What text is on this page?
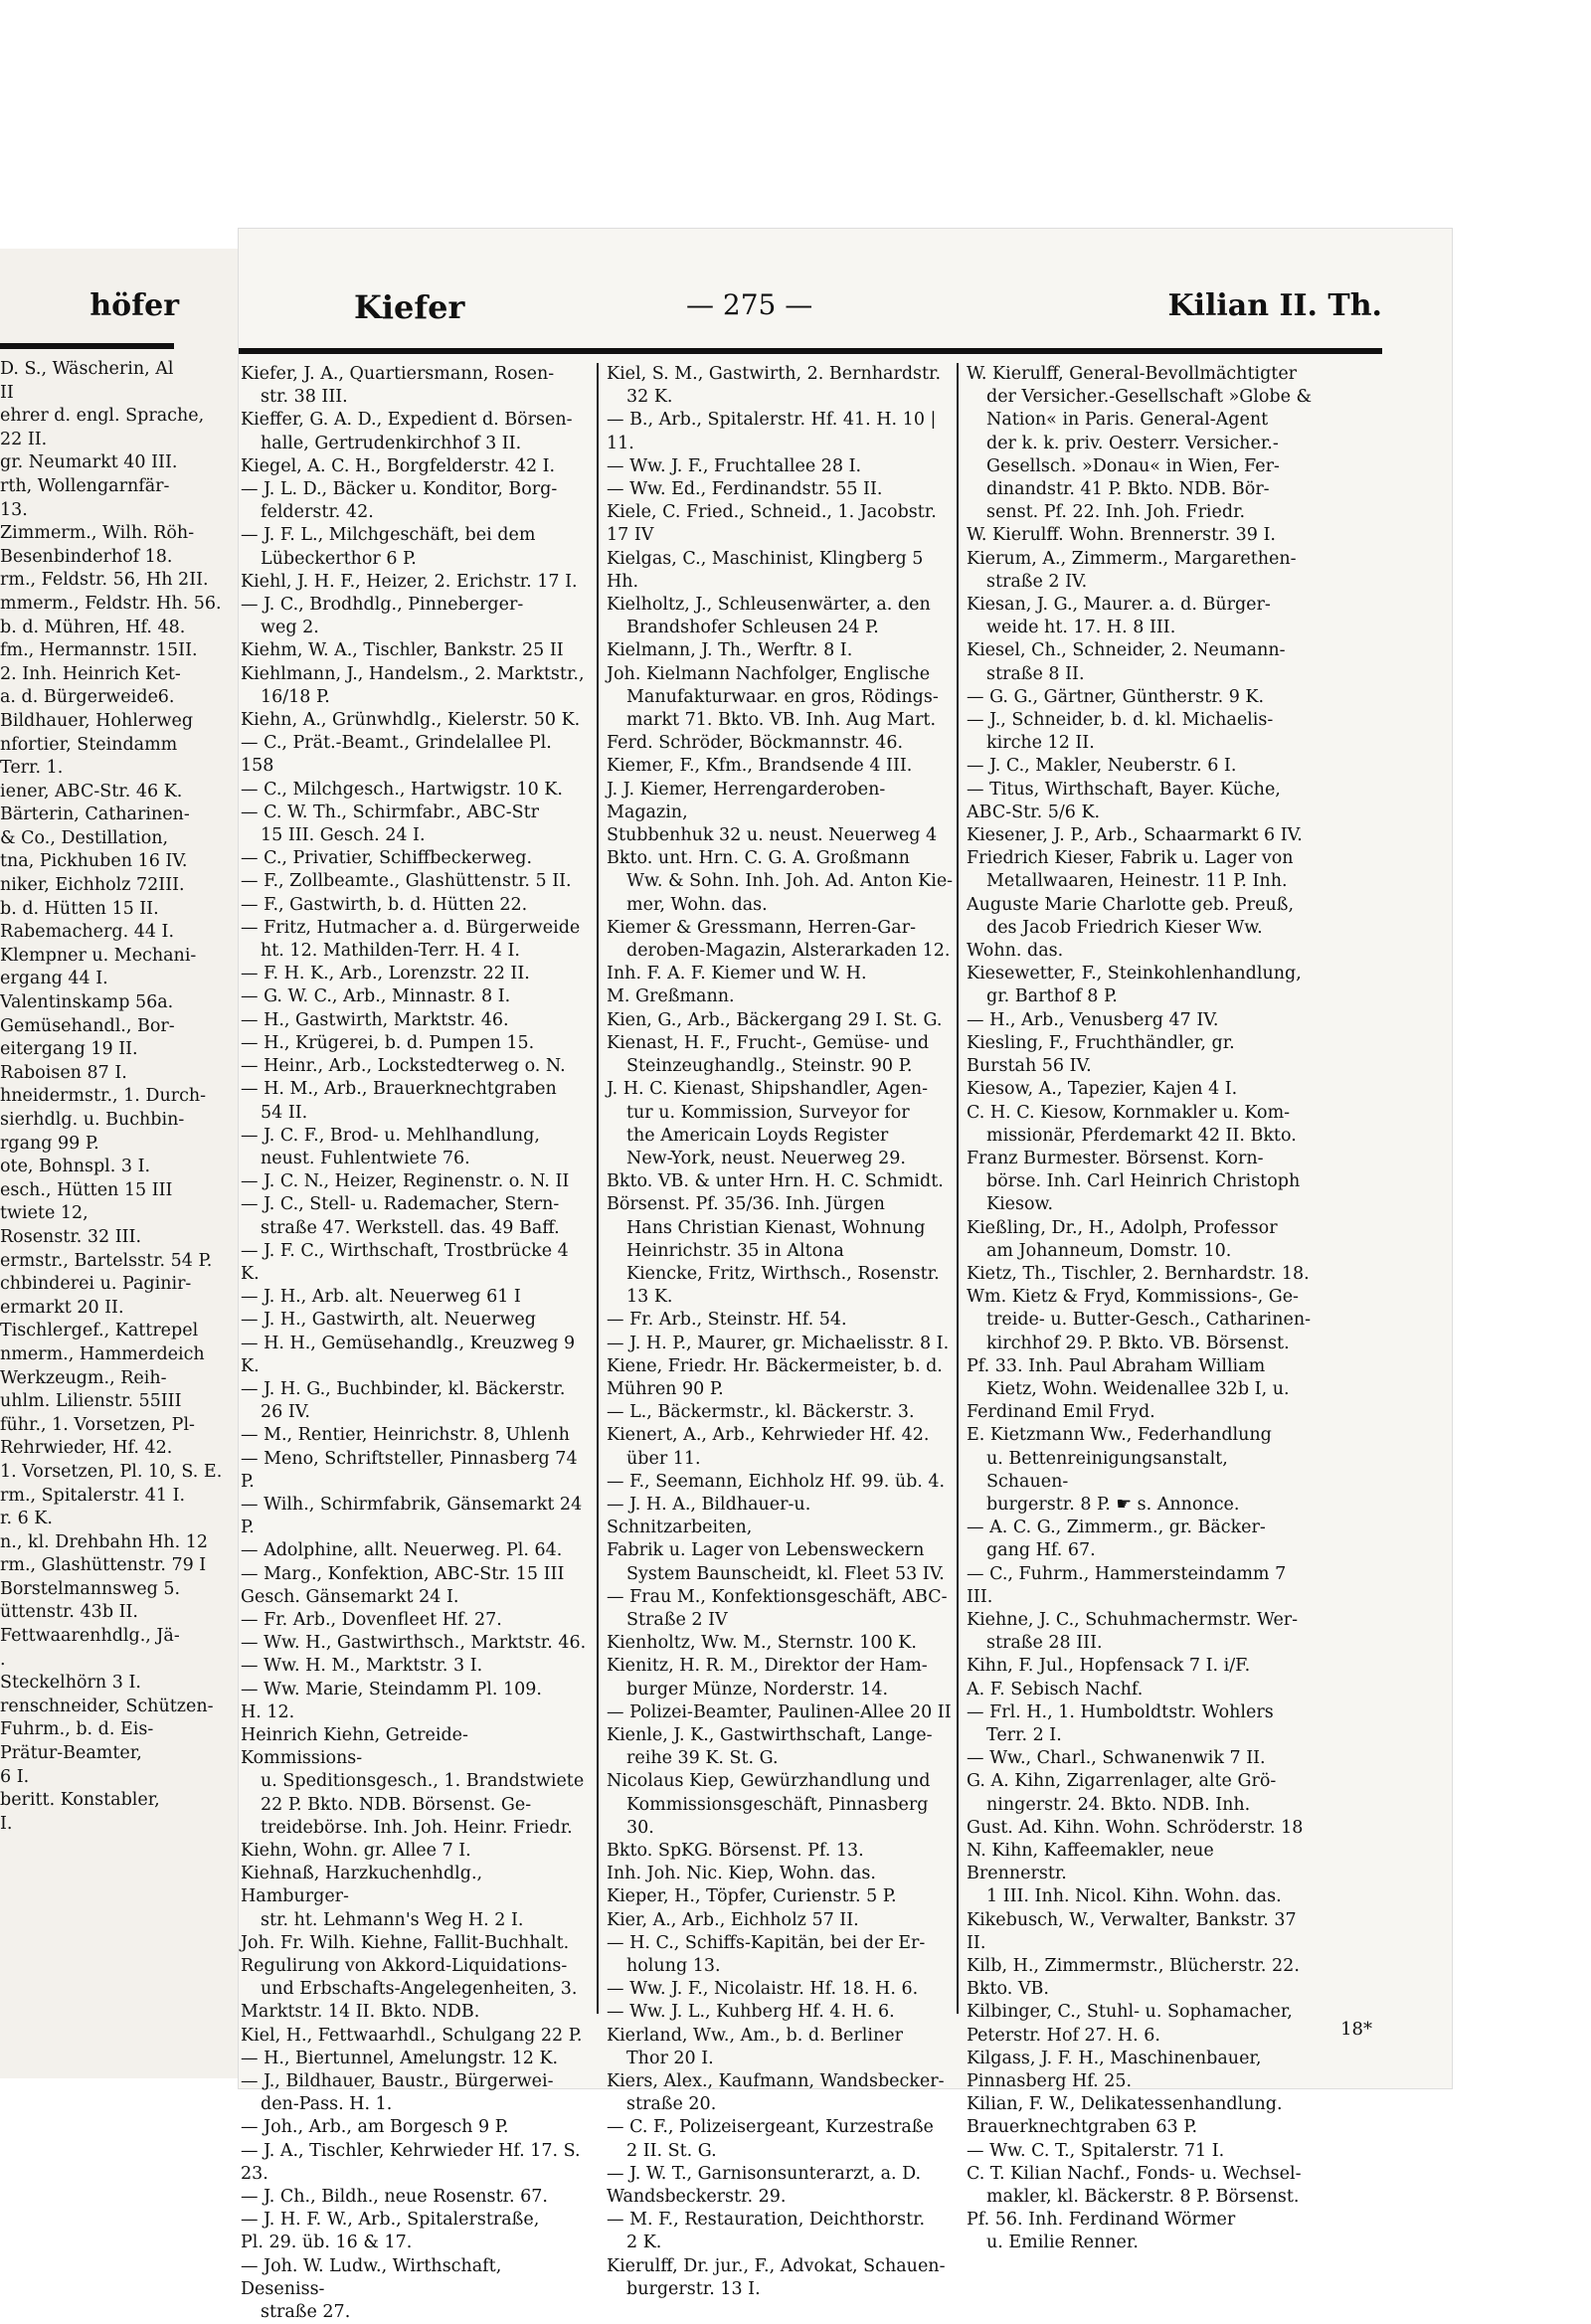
höfer
D. S., Wäscherin, Al
II
ehrer d. engl. Sprache,
22 II.
gr. Neumarkt 40 III.
rth, Wollengarnfär-
13.
Zimmerm., Wilh. Röh-
Besenbinderhof 18.
rm., Feldstr. 56, Hh 2II.
mmerm., Feldstr. Hh. 56.
b. d. Mühren, Hf. 48.
fm., Hermannstr. 15II.
2. Inh. Heinrich Ket-
a. d. Bürgerweide6.
Bildhauer, Hohlerweg
nfortier, Steindamm
Terr. 1.
iener, ABC-Str. 46 K.
Bärterin, Catharinen-
& Co., Destillation,
tna, Pickhuben 16 IV.
niker, Eichholz 72III.
b. d. Hütten 15 II.
Rabemacherg. 44 I.
Klempner u. Mechani-
ergang 44 I.
Valentinskamp 56a.
Gemüsehandl., Bor-
eitergang 19 II.
Raboisen 87 I.
hneidermstr., 1. Durch-
sierhdlg. u. Buchbin-
rgang 99 P.
ote, Bohnspl. 3 I.
esch., Hütten 15 III
twiete 12,
Rosenstr. 32 III.
ermstr., Bartelsstr. 54 P.
chbinderei u. Paginir-
ermarkt 20 II.
Tischlergef., Kattrepel
nmerm., Hammerdeich
Werkzeugm., Reih-
uhlm. Lilienstr. 55III
führ., 1. Vorsetzen, Pl-
Rehrwieder, Hf. 42.
1. Vorsetzen, Pl. 10, S. E.
rm., Spitalerstr. 41 I.
r. 6 K.
n., kl. Drehbahn Hh. 12
rm., Glashüttenstr. 79 I
Borstelmannsweg 5.
üttenstr. 43b II.
Fettwaarenhdlg., Jä-
.
Steckelhörn 3 I.
renschneider, Schützen-
Fuhrm., b. d. Eis-
Prätur-Beamter,
6 I.
beritt. Konstabler,
I.
Kiefer	— 275 —	Kilian II. Th.

Kiefer, J. A., Quartiersmann, Rosen-

str. 38 III.

Kieffer, G. A. D., Expedient d. Börsen-

halle, Gertrudenkirchhof 3 II.

Kiegel, A. C. H., Borgfelderstr. 42 I.

— J. L. D., Bäcker u. Konditor, Borg-

felderstr. 42.

— J. F. L., Milchgeschäft, bei dem

Lübeckerthor 6 P.

Kiehl, J. H. F., Heizer, 2. Erichstr. 17 I.

— J. C., Brodhdlg., Pinneberger-

weg 2.

Kiehm, W. A., Tischler, Bankstr. 25 II

Kiehlmann, J., Handelsm., 2. Marktstr.,

16/18 P.

Kiehn, A., Grünwhdlg., Kielerstr. 50 K.

— C., Prät.-Beamt., Grindelallee Pl. 158

— C., Milchgesch., Hartwigstr. 10 K.

— C. W. Th., Schirmfabr., ABC-Str

15 III. Gesch. 24 I.

— C., Privatier, Schiffbeckerweg.

— F., Zollbeamte., Glashüttenstr. 5 II.

— F., Gastwirth, b. d. Hütten 22.

— Fritz, Hutmacher a. d. Bürgerweide

ht. 12. Mathilden-Terr. H. 4 I.

— F. H. K., Arb., Lorenzstr. 22 II.

— G. W. C., Arb., Minnastr. 8 I.

— H., Gastwirth, Marktstr. 46.

— H., Krügerei, b. d. Pumpen 15.

— Heinr., Arb., Lockstedterweg o. N.

— H. M., Arb., Brauerknechtgraben

54 II.

— J. C. F., Brod- u. Mehlhandlung,

neust. Fuhlentwiete 76.

— J. C. N., Heizer, Reginenstr. o. N. II

— J. C., Stell- u. Rademacher, Stern-

straße 47. Werkstell. das. 49 Baff.

— J. F. C., Wirthschaft, Trostbrücke 4 K.

— J. H., Arb. alt. Neuerweg 61 I

— J. H., Gastwirth, alt. Neuerweg

— H. H., Gemüsehandlg., Kreuzweg 9 K.

— J. H. G., Buchbinder, kl. Bäckerstr.

26 IV.

— M., Rentier, Heinrichstr. 8, Uhlenh

— Meno, Schriftsteller, Pinnasberg 74 P.

— Wilh., Schirmfabrik, Gänsemarkt 24 P.

— Adolphine, allt. Neuerweg. Pl. 64.

— Marg., Konfektion, ABC-Str. 15 III

Gesch. Gänsemarkt 24 I.

— Fr. Arb., Dovenfleet Hf. 27.

— Ww. H., Gastwirthsch., Marktstr. 46.

— Ww. H. M., Marktstr. 3 I.

— Ww. Marie, Steindamm Pl. 109.

H. 12.

Heinrich Kiehn, Getreide-Kommissions-

u. Speditionsgesch., 1. Brandstwiete

22 P. Bkto. NDB. Börsenst. Ge-

treidebörse. Inh. Joh. Heinr. Friedr.

Kiehn, Wohn. gr. Allee 7 I.

Kiehnaß, Harzkuchenhdlg., Hamburger-

str. ht. Lehmann's Weg H. 2 I.

Joh. Fr. Wilh. Kiehne, Fallit-Buchhalt.

Regulirung von Akkord-Liquidations-

und Erbschafts-Angelegenheiten, 3.

Marktstr. 14 II. Bkto. NDB.

Kiel, H., Fettwaarhdl., Schulgang 22 P.

— H., Biertunnel, Amelungstr. 12 K.

— J., Bildhauer, Baustr., Bürgerwei-

den-Pass. H. 1.

— Joh., Arb., am Borgesch 9 P.

— J. A., Tischler, Kehrwieder Hf. 17. S. 23.

— J. Ch., Bildh., neue Rosenstr. 67.

— J. H. F. W., Arb., Spitalerstraße,

Pl. 29. üb. 16 & 17.

— Joh. W. Ludw., Wirthschaft, Deseniss-

straße 27.

Kiel, S. M., Gastwirth, 2. Bernhardstr.

32 K.

— B., Arb., Spitalerstr. Hf. 41. H. 10 | 11.

— Ww. J. F., Fruchtallee 28 I.

— Ww. Ed., Ferdinandstr. 55 II.

Kiele, C. Fried., Schneid., 1. Jacobstr. 17 IV

Kielgas, C., Maschinist, Klingberg 5 Hh.

Kielholtz, J., Schleusenwärter, a. den

Brandshofer Schleusen 24 P.

Kielmann, J. Th., Werftr. 8 I.

Joh. Kielmann Nachfolger, Englische

Manufakturwaar. en gros, Rödings-

markt 71. Bkto. VB. Inh. Aug Mart.

Ferd. Schröder, Böckmannstr. 46.

Kiemer, F., Kfm., Brandsende 4 III.

J. J. Kiemer, Herrengarderoben-Magazin,

Stubbenhuk 32 u. neust. Neuerweg 4

Bkto. unt. Hrn. C. G. A. Großmann

Ww. & Sohn. Inh. Joh. Ad. Anton Kie-

mer, Wohn. das.

Kiemer & Gressmann, Herren-Gar-

deroben-Magazin, Alsterarkaden 12.

Inh. F. A. F. Kiemer und W. H.

M. Greßmann.

Kien, G., Arb., Bäckergang 29 I. St. G.

Kienast, H. F., Frucht-, Gemüse- und

Steinzeughandlg., Steinstr. 90 P.

J. H. C. Kienast, Shipshandler, Agen-

tur u. Kommission, Surveyor for

the Americain Loyds Register

New-York, neust. Neuerweg 29.

Bkto. VB. & unter Hrn. H. C. Schmidt.

Börsenst. Pf. 35/36. Inh. Jürgen

Hans Christian Kienast, Wohnung

Heinrichstr. 35 in Altona

Kiencke, Fritz, Wirthsch., Rosenstr. 13 K.

— Fr. Arb., Steinstr. Hf. 54.

— J. H. P., Maurer, gr. Michaelisstr. 8 I.

Kiene, Friedr. Hr. Bäckermeister, b. d.

Mühren 90 P.

— L., Bäckermstr., kl. Bäckerstr. 3.

Kienert, A., Arb., Kehrwieder Hf. 42.

über 11.

— F., Seemann, Eichholz Hf. 99. üb. 4.

— J. H. A., Bildhauer-u. Schnitzarbeiten,

Fabrik u. Lager von Lebensweckern

System Baunscheidt, kl. Fleet 53 IV.

— Frau M., Konfektionsgeschäft, ABC-

Straße 2 IV

Kienholtz, Ww. M., Sternstr. 100 K.

Kienitz, H. R. M., Direktor der Ham-

burger Münze, Norderstr. 14.

— Polizei-Beamter, Paulinen-Allee 20 II

Kienle, J. K., Gastwirthschaft, Lange-

reihe 39 K. St. G.

Nicolaus Kiep, Gewürzhandlung und

Kommissionsgeschäft, Pinnasberg 30.

Bkto. SpKG. Börsenst. Pf. 13.

Inh. Joh. Nic. Kiep, Wohn. das.

Kieper, H., Töpfer, Curienstr. 5 P.

Kier, A., Arb., Eichholz 57 II.

— H. C., Schiffs-Kapitän, bei der Er-

holung 13.

— Ww. J. F., Nicolaistr. Hf. 18. H. 6.

— Ww. J. L., Kuhberg Hf. 4. H. 6.

Kierland, Ww., Am., b. d. Berliner

Thor 20 I.

Kiers, Alex., Kaufmann, Wandsbecker-

straße 20.

— C. F., Polizeisergeant, Kurzestraße

2 II. St. G.

— J. W. T., Garnisonsunterarzt, a. D.

Wandsbeckerstr. 29.

— M. F., Restauration, Deichthorstr.

2 K.

Kierulff, Dr. jur., F., Advokat, Schauen-

burgerstr. 13 I.

W. Kierulff, General-Bevollmächtigter

der Versicher.-Gesellschaft »Globe &

Nation« in Paris. General-Agent

der k. k. priv. Oesterr. Versicher.-

Gesellsch. »Donau« in Wien, Fer-

dinandstr. 41 P. Bkto. NDB. Bör-

senst. Pf. 22. Inh. Joh. Friedr.

W. Kierulff. Wohn. Brennerstr. 39 I.

Kierum, A., Zimmerm., Margarethen-

straße 2 IV.

Kiesan, J. G., Maurer. a. d. Bürger-

weide ht. 17. H. 8 III.

Kiesel, Ch., Schneider, 2. Neumann-

straße 8 II.

— G. G., Gärtner, Güntherstr. 9 K.

— J., Schneider, b. d. kl. Michaelis-

kirche 12 II.

— J. C., Makler, Neuberstr. 6 I.

— Titus, Wirthschaft, Bayer. Küche,

ABC-Str. 5/6 K.

Kiesener, J. P., Arb., Schaarmarkt 6 IV.

Friedrich Kieser, Fabrik u. Lager von

Metallwaaren, Heinestr. 11 P. Inh.

Auguste Marie Charlotte geb. Preuß,

des Jacob Friedrich Kieser Ww.

Wohn. das.

Kiesewetter, F., Steinkohlenhandlung,

gr. Barthof 8 P.

— H., Arb., Venusberg 47 IV.

Kiesling, F., Fruchthändler, gr.

Burstah 56 IV.

Kiesow, A., Tapezier, Kajen 4 I.

C. H. C. Kiesow, Kornmakler u. Kom-

missionär, Pferdemarkt 42 II. Bkto.

Franz Burmester. Börsenst. Korn-

börse. Inh. Carl Heinrich Christoph

Kiesow.

Kießling, Dr., H., Adolph, Professor

am Johanneum, Domstr. 10.

Kietz, Th., Tischler, 2. Bernhardstr. 18.

Wm. Kietz & Fryd, Kommissions-, Ge-

treide- u. Butter-Gesch., Catharinen-

kirchhof 29. P. Bkto. VB. Börsenst.

Pf. 33. Inh. Paul Abraham William

Kietz, Wohn. Weidenallee 32b I, u.

Ferdinand Emil Fryd.

E. Kietzmann Ww., Federhandlung

u. Bettenreinigungsanstalt, Schauen-

burgerstr. 8 P. ☛ s. Annonce.

— A. C. G., Zimmerm., gr. Bäcker-

gang Hf. 67.

— C., Fuhrm., Hammersteindamm 7 III.

Kiehne, J. C., Schuhmachermstr. Wer-

straße 28 III.

Kihn, F. Jul., Hopfensack 7 I. i/F.

A. F. Sebisch Nachf.

— Frl. H., 1. Humboldtstr. Wohlers

Terr. 2 I.

— Ww., Charl., Schwanenwik 7 II.

G. A. Kihn, Zigarrenlager, alte Grö-

ningerstr. 24. Bkto. NDB. Inh.

Gust. Ad. Kihn. Wohn. Schröderstr. 18

N. Kihn, Kaffeemakler, neue Brennerstr.

1 III. Inh. Nicol. Kihn. Wohn. das.

Kikebusch, W., Verwalter, Bankstr. 37 II.

Kilb, H., Zimmermstr., Blücherstr. 22.

Bkto. VB.

Kilbinger, C., Stuhl- u. Sophamacher,

Peterstr. Hof 27. H. 6.

Kilgass, J. F. H., Maschinenbauer,

Pinnasberg Hf. 25.

Kilian, F. W., Delikatessenhandlung.

Brauerknechtgraben 63 P.

— Ww. C. T., Spitalerstr. 71 I.

C. T. Kilian Nachf., Fonds- u. Wechsel-

makler, kl. Bäckerstr. 8 P. Börsenst.

Pf. 56. Inh. Ferdinand Wörmer

u. Emilie Renner.

18*
